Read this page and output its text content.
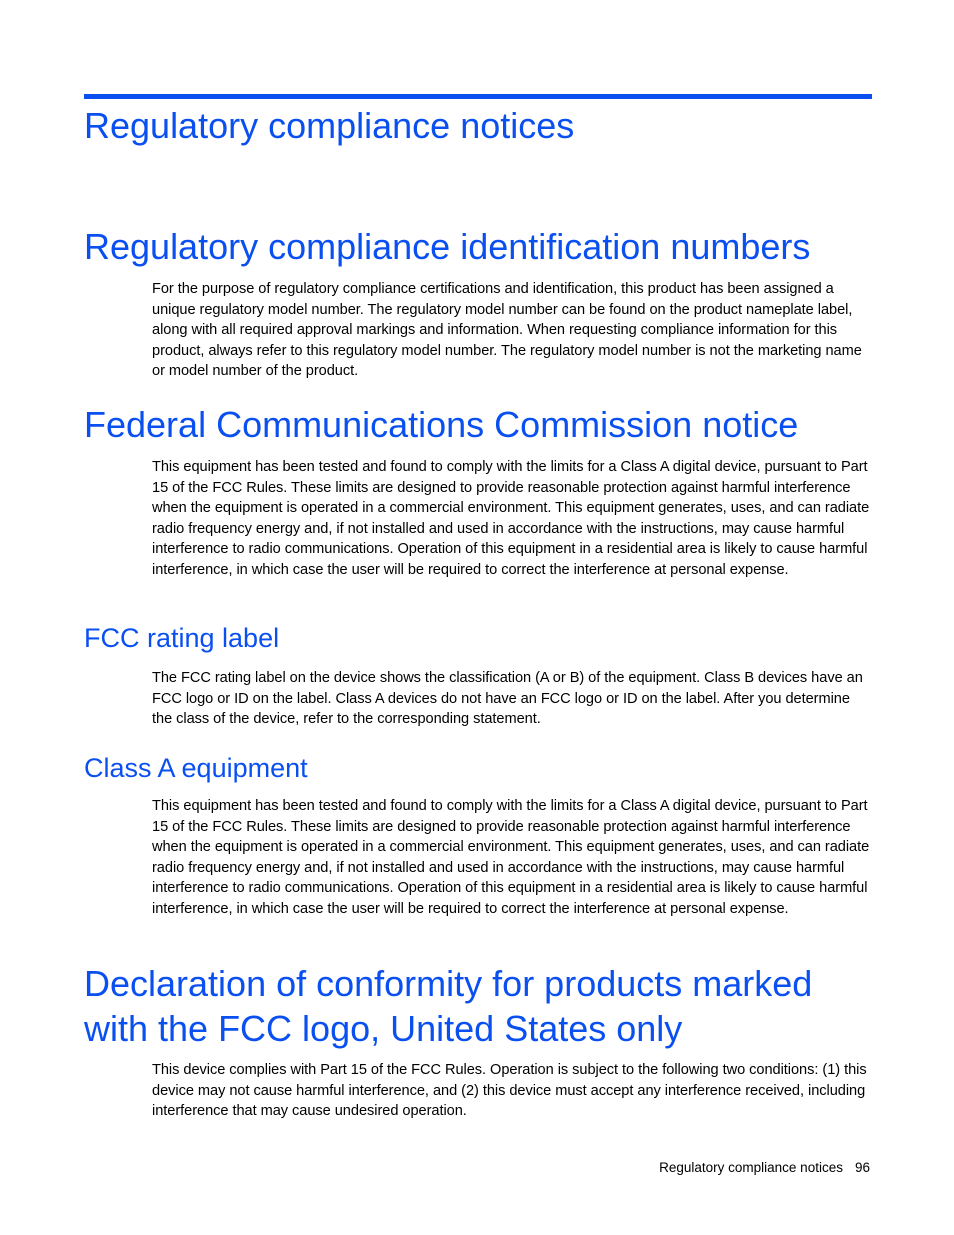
Regulatory compliance notices
Regulatory compliance identification numbers

For the purpose of regulatory compliance certifications and identification, this product has been assigned a unique regulatory model number. The regulatory model number can be found on the product nameplate label, along with all required approval markings and information. When requesting compliance information for this product, always refer to this regulatory model number. The regulatory model number is not the marketing name or model number of the product.

Federal Communications Commission notice

This equipment has been tested and found to comply with the limits for a Class A digital device, pursuant to Part 15 of the FCC Rules. These limits are designed to provide reasonable protection against harmful interference when the equipment is operated in a commercial environment. This equipment generates, uses, and can radiate radio frequency energy and, if not installed and used in accordance with the instructions, may cause harmful interference to radio communications. Operation of this equipment in a residential area is likely to cause harmful interference, in which case the user will be required to correct the interference at personal expense.

FCC rating label

The FCC rating label on the device shows the classification (A or B) of the equipment. Class B devices have an FCC logo or ID on the label. Class A devices do not have an FCC logo or ID on the label. After you determine the class of the device, refer to the corresponding statement.

Class A equipment

This equipment has been tested and found to comply with the limits for a Class A digital device, pursuant to Part 15 of the FCC Rules. These limits are designed to provide reasonable protection against harmful interference when the equipment is operated in a commercial environment. This equipment generates, uses, and can radiate radio frequency energy and, if not installed and used in accordance with the instructions, may cause harmful interference to radio communications. Operation of this equipment in a residential area is likely to cause harmful interference, in which case the user will be required to correct the interference at personal expense.

Declaration of conformity for products marked with the FCC logo, United States only

This device complies with Part 15 of the FCC Rules. Operation is subject to the following two conditions: (1) this device may not cause harmful interference, and (2) this device must accept any interference received, including interference that may cause undesired operation.

Regulatory compliance notices 96
